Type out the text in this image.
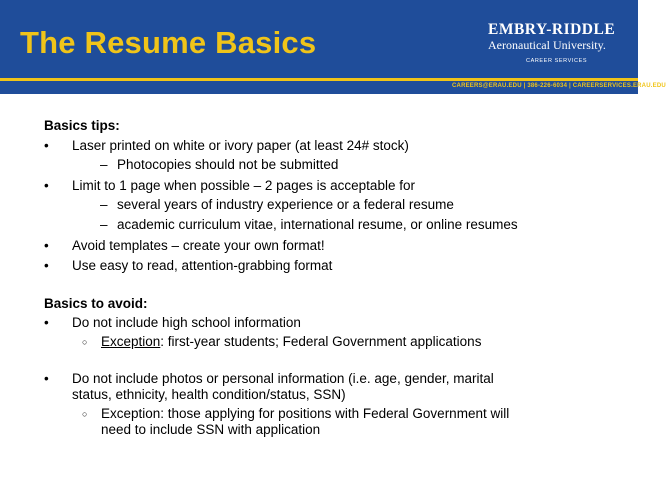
The Resume Basics	EMBRY-RIDDLE
Aeronautical University.
CAREER SERVICES
CAREERS@ERAU.EDU | 386-226-6034 | CAREERSERVICES.ERAU.EDU
Basics tips:
• Laser printed on white or ivory paper (at least 24# stock)
– Photocopies should not be submitted
• Limit to 1 page when possible – 2 pages is acceptable for
– several years of industry experience or a federal resume
– academic curriculum vitae, international resume, or online resumes
• Avoid templates – create your own format!
• Use easy to read, attention-grabbing format
Basics to avoid:
• Do not include high school information
○ Exception: first-year students; Federal Government applications
• Do not include photos or personal information (i.e. age, gender, marital
status, ethnicity, health condition/status, SSN)
○ Exception: those applying for positions with Federal Government will
need to include SSN with application
